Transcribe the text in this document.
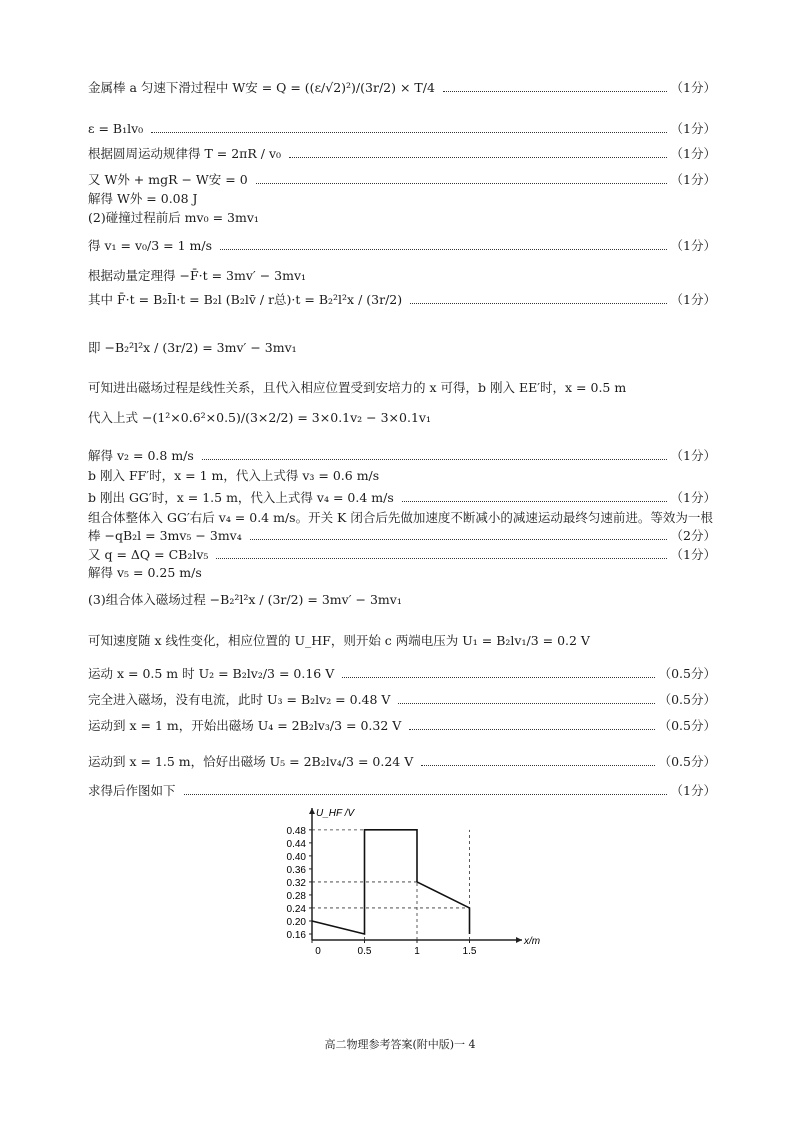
金属棒 a 匀速下滑过程中 W安 = Q = ((ε/√2)²)/(3r/2) × T/4	（1分）
ε = B₁lv₀	（1分）
根据圆周运动规律得 T = 2πR / v₀	（1分）
又 W外 + mgR − W安 = 0	（1分）
解得 W外 = 0.08 J
(2)碰撞过程前后 mv₀ = 3mv₁
得 v₁ = v₀/3 = 1 m/s	（1分）
根据动量定理得 −F̄·t = 3mv′ − 3mv₁
其中 F̄·t = B₂Īl·t = B₂l (B₂lv̄ / r总)·t = B₂²l²x / (3r/2)	（1分）
即 −B₂²l²x / (3r/2) = 3mv′ − 3mv₁
可知进出磁场过程是线性关系，且代入相应位置受到安培力的 x 可得，b 刚入 EE′时，x = 0.5 m
代入上式 −(1²×0.6²×0.5)/(3×2/2) = 3×0.1v₂ − 3×0.1v₁
解得 v₂ = 0.8 m/s	（1分）
b 刚入 FF′时，x = 1 m，代入上式得 v₃ = 0.6 m/s
b 刚出 GG′时，x = 1.5 m，代入上式得 v₄ = 0.4 m/s	（1分）
组合体整体入 GG′右后 v₄ = 0.4 m/s。开关 K 闭合后先做加速度不断减小的减速运动最终匀速前进。等效为一根
棒 −qB₂l = 3mv₅ − 3mv₄	（2分）
又 q = ΔQ = CB₂lv₅	（1分）
解得 v₅ = 0.25 m/s
(3)组合体入磁场过程 −B₂²l²x / (3r/2) = 3mv′ − 3mv₁
可知速度随 x 线性变化，相应位置的 U_HF，则开始 c 两端电压为 U₁ = B₂lv₁/3 = 0.2 V
运动 x = 0.5 m 时 U₂ = B₂lv₂/3 = 0.16 V	（0.5分）
完全进入磁场，没有电流，此时 U₃ = B₂lv₂ = 0.48 V	（0.5分）
运动到 x = 1 m，开始出磁场 U₄ = 2B₂lv₃/3 = 0.32 V	（0.5分）
运动到 x = 1.5 m，恰好出磁场 U₅ = 2B₂lv₄/3 = 0.24 V	（0.5分）
求得后作图如下	（1分）
0.48
0.44
0.40
0.36
0.32
0.28
0.24
0.20
0.16
0	0.5	1	1.5
U_HF /V
x/m
高二物理参考答案(附中版)一 4
